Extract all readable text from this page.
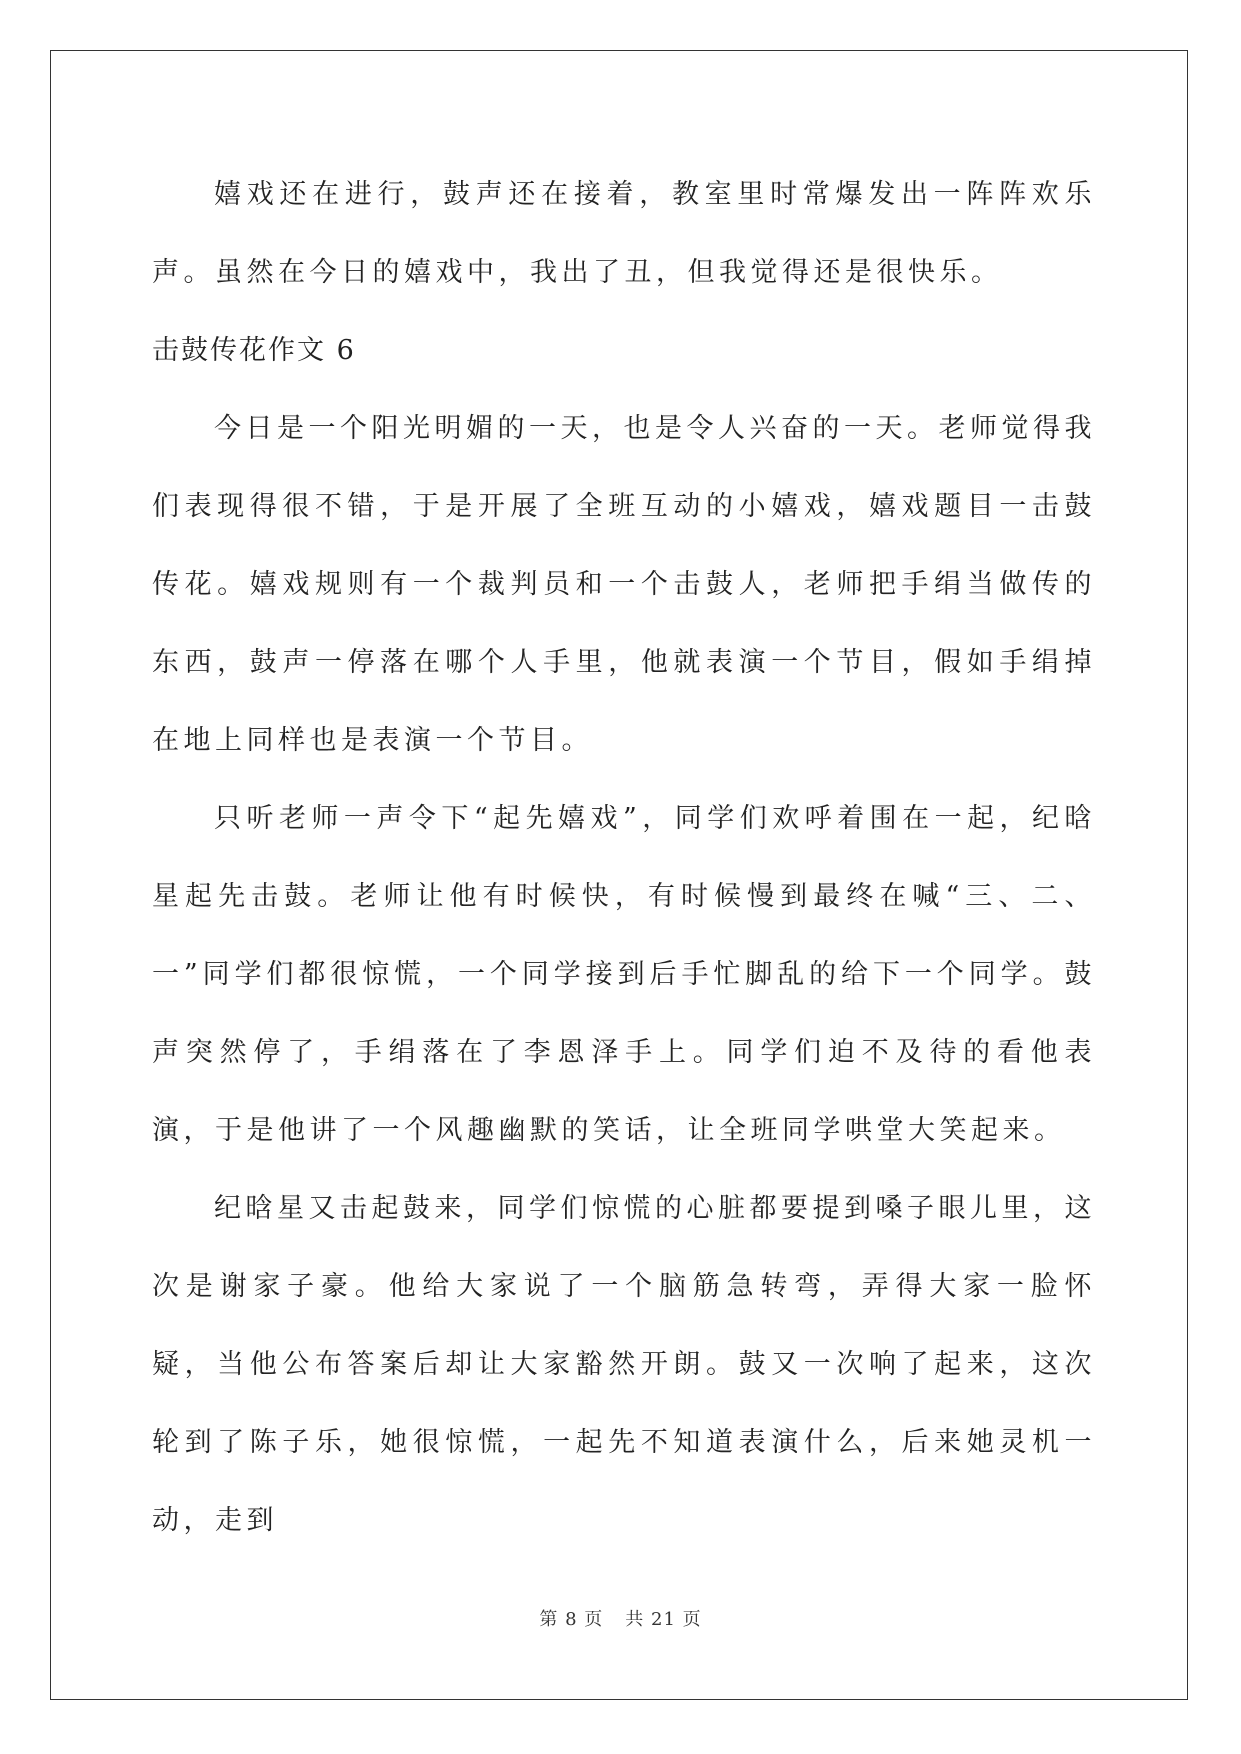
嬉戏还在进行，鼓声还在接着，教室里时常爆发出一阵阵欢乐声。虽然在今日的嬉戏中，我出了丑，但我觉得还是很快乐。

击鼓传花作文 6

今日是一个阳光明媚的一天，也是令人兴奋的一天。老师觉得我们表现得很不错，于是开展了全班互动的小嬉戏，嬉戏题目一击鼓传花。嬉戏规则有一个裁判员和一个击鼓人，老师把手绢当做传的东西，鼓声一停落在哪个人手里，他就表演一个节目，假如手绢掉在地上同样也是表演一个节目。

只听老师一声令下“起先嬉戏”，同学们欢呼着围在一起，纪晗星起先击鼓。老师让他有时候快，有时候慢到最终在喊“三、二、一”同学们都很惊慌，一个同学接到后手忙脚乱的给下一个同学。鼓声突然停了，手绢落在了李恩泽手上。同学们迫不及待的看他表演，于是他讲了一个风趣幽默的笑话，让全班同学哄堂大笑起来。

纪晗星又击起鼓来，同学们惊慌的心脏都要提到嗓子眼儿里，这次是谢家子豪。他给大家说了一个脑筋急转弯，弄得大家一脸怀疑，当他公布答案后却让大家豁然开朗。鼓又一次响了起来，这次轮到了陈子乐，她很惊慌，一起先不知道表演什么，后来她灵机一动，走到

第 8 页 共 21 页
